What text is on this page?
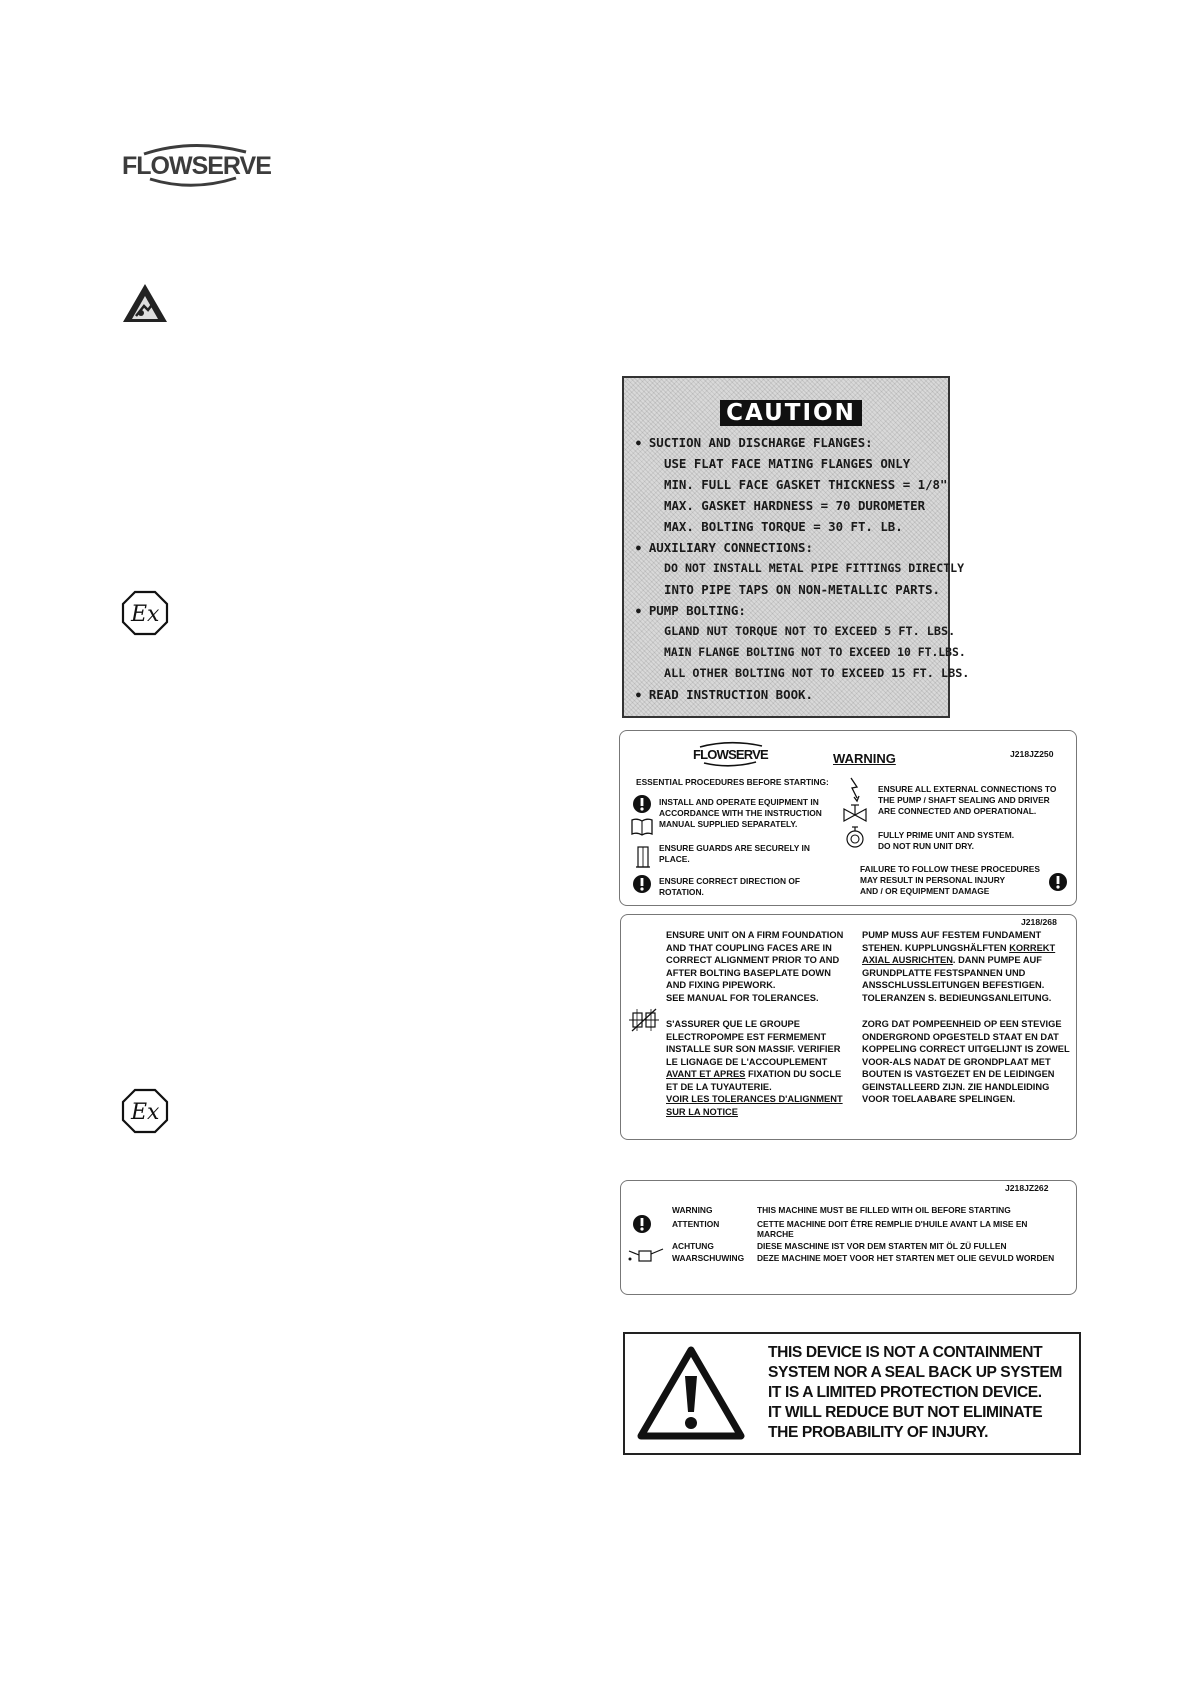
FLOWSERVE
Ex
Ex
CAUTION
● SUCTION AND DISCHARGE FLANGES:
USE FLAT FACE MATING FLANGES ONLY
MIN. FULL FACE GASKET THICKNESS = 1/8"
MAX. GASKET HARDNESS = 70 DUROMETER
MAX. BOLTING TORQUE = 30 FT. LB.
● AUXILIARY CONNECTIONS:
DO NOT INSTALL METAL PIPE FITTINGS DIRECTLY
INTO PIPE TAPS ON NON-METALLIC PARTS.
● PUMP BOLTING:
GLAND NUT TORQUE NOT TO EXCEED 5 FT. LBS.
MAIN FLANGE BOLTING NOT TO EXCEED 10 FT.LBS.
ALL OTHER BOLTING NOT TO EXCEED 15 FT. LBS.
● READ INSTRUCTION BOOK.
FLOWSERVE	WARNING	J218JZ250
ESSENTIAL PROCEDURES BEFORE STARTING:
INSTALL AND OPERATE EQUIPMENT IN
ACCORDANCE WITH THE INSTRUCTION
MANUAL SUPPLIED SEPARATELY.
ENSURE GUARDS ARE SECURELY IN
PLACE.
ENSURE CORRECT DIRECTION OF
ROTATION.
ENSURE ALL EXTERNAL CONNECTIONS TO
THE PUMP / SHAFT SEALING AND DRIVER
ARE CONNECTED AND OPERATIONAL.
FULLY PRIME UNIT AND SYSTEM.
DO NOT RUN UNIT DRY.
FAILURE TO FOLLOW THESE PROCEDURES
MAY RESULT IN PERSONAL INJURY
AND / OR EQUIPMENT DAMAGE
J218/268
ENSURE UNIT ON A FIRM FOUNDATION
AND THAT COUPLING FACES ARE IN
CORRECT ALIGNMENT PRIOR TO AND
AFTER BOLTING BASEPLATE DOWN
AND FIXING PIPEWORK.
SEE MANUAL FOR TOLERANCES.
PUMP MUSS AUF FESTEM FUNDAMENT
STEHEN. KUPPLUNGSHÄLFTEN KORREKT
AXIAL AUSRICHTEN. DANN PUMPE AUF
GRUNDPLATTE FESTSPANNEN UND
ANSSCHLUSSLEITUNGEN BEFESTIGEN.
TOLERANZEN S. BEDIEUNGSANLEITUNG.
S'ASSURER QUE LE GROUPE
ELECTROPOMPE EST FERMEMENT
INSTALLE SUR SON MASSIF. VERIFIER
LE LIGNAGE DE L'ACCOUPLEMENT
AVANT ET APRES FIXATION DU SOCLE
ET DE LA TUYAUTERIE.
VOIR LES TOLERANCES D'ALIGNMENT
SUR LA NOTICE
ZORG DAT POMPEENHEID OP EEN STEVIGE
ONDERGROND OPGESTELD STAAT EN DAT
KOPPELING CORRECT UITGELIJNT IS ZOWEL
VOOR-ALS NADAT DE GRONDPLAAT MET
BOUTEN IS VASTGEZET EN DE LEIDINGEN
GEINSTALLEERD ZIJN. ZIE HANDLEIDING
VOOR TOELAABARE SPELINGEN.
J218JZ262
WARNING	THIS MACHINE MUST BE FILLED WITH OIL BEFORE STARTING
ATTENTION	CETTE MACHINE DOIT ÊTRE REMPLIE D'HUILE AVANT LA MISE EN
MARCHE
ACHTUNG	DIESE MASCHINE IST VOR DEM STARTEN MIT ÖL ZÜ FULLEN
WAARSCHUWING DEZE MACHINE MOET VOOR HET STARTEN MET OLIE GEVULD WORDEN
THIS DEVICE IS NOT A CONTAINMENT
SYSTEM NOR A SEAL BACK UP SYSTEM
IT IS A LIMITED PROTECTION DEVICE.
IT WILL REDUCE BUT NOT ELIMINATE
THE PROBABILITY OF INJURY.
